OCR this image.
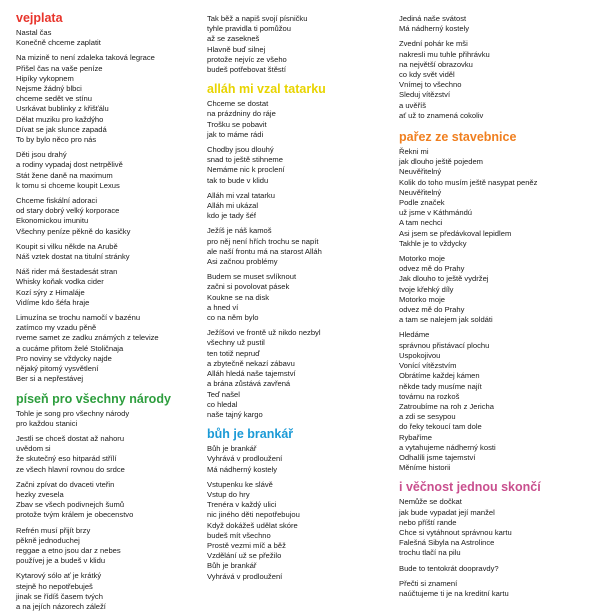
vejplata
Nastal čas
Konečně chceme zaplatit
Na mizině to není zdaleka taková legrace
Přišel čas na vaše peníze
Hipíky vykopnem
Nejsme žádný blbci
chceme sedět ve stínu
Usrkávat bublinky z křišťálu
Dělat muziku pro každýho
Dívat se jak slunce zapadá
To by bylo něco pro nás
Děti jsou drahý
a rodiny vypadaj dost netrpělivě
Stát žene daně na maximum
k tomu si chceme koupit Lexus
Chceme fiskální adoraci
od stary dobrý velký korporace
Ekonomickou imunitu
Všechny peníze pěkně do kasičky
Koupit si vilku někde na Arubě
Náš vztek dostat na titulní stránky
Náš rider má šestadesát stran
Whisky koňak vodka cider
Kozí sýry z Himaláje
Vidíme kdo šéfa hraje
Limuzína se trochu namočí v bazénu
zatímco my vzadu pěně
rveme samet ze zadku známých z televize
a cucáme přitom želé Stoličnaja
Pro noviny se vždycky najde
nějaký pitomý vysvětlení
Ber si a nepřestávej
píseň pro všechny národy
Tohle je song pro všechny národy
pro každou stanici
Jestli se chceš dostat až nahoru
uvědom si
že skutečný eso hitparád střílí
ze všech hlavní rovnou do srdce
Začni zpívat do dvaceti vteřin
hezky zvesela
Zbav se všech podivnejch šumů
protože tvým králem je obecenstvo
Refrén musí přijít brzy
pěkně jednoduchej
reggae a etno jsou dar z nebes
používej je a budeš v klidu
Kytarový sólo ať je krátký
stejně ho nepotřebuješ
jinak se řídíš časem tvých
a na jejích názorech záleží
Tak běž a napiš svojí písničku
tyhle pravidla ti pomůžou
až se zaseknеš
Hlavně buď silnej
protože nejvíc ze všeho
budeš potřebovat štěstí
alláh mi vzal tatarku
Chceme se dostat
na prázdniny do ráje
Trošku se pobavit
jak to máme rádi
Chodby jsou dlouhý
snad to ještě stihneme
Nemáme nic k proclení
tak to bude v klidu
Alláh mi vzal tatarku
Alláh mi ukázal
kdo je tady šéf
Ježíš je náš kamoš
pro něj není hřích trochu se napít
ale naší frontu má na starost Alláh
Asi začnou problémy
Budem se muset svlíknout
začni si povolovat pásek
Koukne se na disk
a hned ví
co na něm bylo
Ježíšovi ve frontě už nikdo nezbyl
všechny už pustil
ten totiž nepruď
a zbytečně nekazí zábavu
Alláh hledá naše tajemství
a brána zůstává zavřená
Teď našel
co hledal
naše tajný kargo
bůh je brankář
Bůh je brankář
Vyhrává v prodloužení
Má nádherný kostely
Vstupenku ke slávě
Vstup do hry
Trenéra v každý ulici
nic jiného děti nepotřebujou
Když dokážeš udělat skóre
budeš mít všechno
Prostě vezmi míč a běž
Vzdělání už se přežilo
Bůh je brankář
Vyhrává v prodloužení
Jediná naše svátost
Má nádherný kostely
Zvední pohár ke mši
nakresli mu tuhle přihrávku
na největší obrazovku
co kdy svět viděl
Vnímej to všechno
Sleduj vítězství
a uvěříš
ať už to znamená cokoliv
pařez ze stavebnice
Řekni mi
jak dlouho ještě pojedem
Neuvěřitelný
Kolik do toho musím ještě nasypat peněz
Neuvěřitelný
Podle značek
už jsme v Káthmándú
A tam nechci
Asi jsem se předávkoval lepidlem
Takhle je to vždycky
Motorko moje
odvez mě do Prahy
Jak dlouho to ještě vydržej
tvoje křehký díly
Motorko moje
odvez mě do Prahy
a tam se nalejem jak soldáti
Hledáme
správnou přistávací plochu
Uspokojivou
Vonící vítězstvím
Obrátíme každej kámen
někde tady musíme najít
továrnu na rozkoš
Zatroubíme na roh z Jericha
a zdi se sesypou
do řeky tekoucí tam dole
Rybaříme
a vytahujeme nádherný kosti
Odhalíli jsme tajemství
Měníme historii
i věčnost jednou skončí
Nemůže se dočkat
jak bude vypadat její manžel
nebo příští rande
Chce si vytáhnout správnou kartu
Falešná Sibyla na Astrolince
trochu tlačí na pilu
Bude to tentokrát doopravdy?
Přečti si znamení
naúčtujeme ti je na kreditní kartu
